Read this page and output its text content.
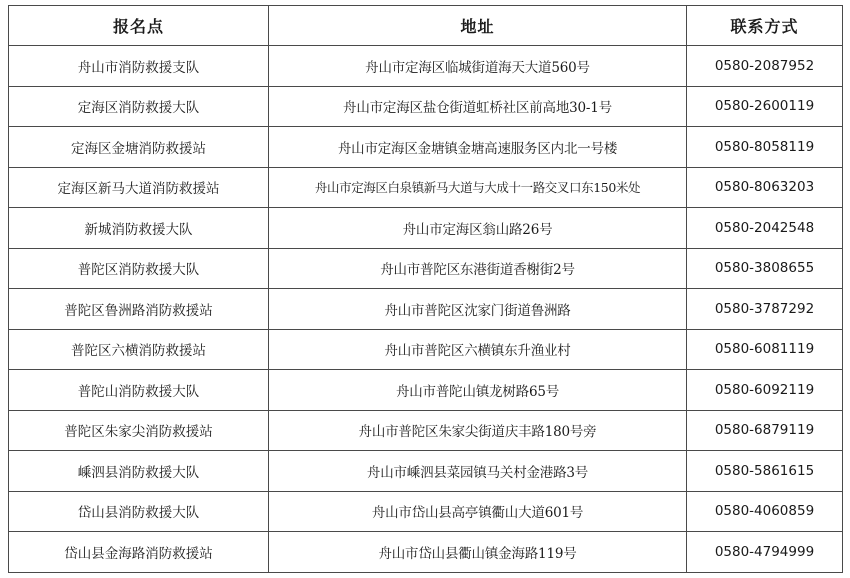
报名点	地址	联系方式
舟山市消防救援支队	舟山市定海区临城街道海天大道560号	0580-2087952
定海区消防救援大队	舟山市定海区盐仓街道虹桥社区前高地30-1号	0580-2600119
定海区金塘消防救援站	舟山市定海区金塘镇金塘高速服务区内北一号楼	0580-8058119
定海区新马大道消防救援站	舟山市定海区白泉镇新马大道与大成十一路交叉口东150米处	0580-8063203
新城消防救援大队	舟山市定海区翁山路26号	0580-2042548
普陀区消防救援大队	舟山市普陀区东港街道香榭街2号	0580-3808655
普陀区鲁洲路消防救援站	舟山市普陀区沈家门街道鲁洲路	0580-3787292
普陀区六横消防救援站	舟山市普陀区六横镇东升渔业村	0580-6081119
普陀山消防救援大队	舟山市普陀山镇龙树路65号	0580-6092119
普陀区朱家尖消防救援站	舟山市普陀区朱家尖街道庆丰路180号旁	0580-6879119
嵊泗县消防救援大队	舟山市嵊泗县菜园镇马关村金港路3号	0580-5861615
岱山县消防救援大队	舟山市岱山县高亭镇衢山大道601号	0580-4060859
岱山县金海路消防救援站	舟山市岱山县衢山镇金海路119号	0580-4794999
